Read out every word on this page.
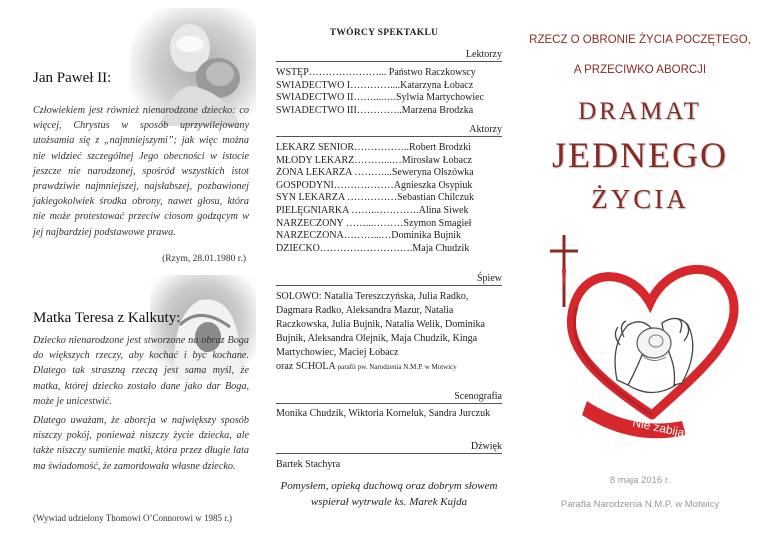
Jan Paweł II:
Człowiekiem jest również nienarodzone dziecko: co więcej, Chrystus w sposób uprzywilejowany utożsamia się z „najmniejszymi”; jak więc można nie widzieć szczególnej Jego obecności w istocie jeszcze nie narodzonej, spośród wszystkich istot prawdziwie najmniejszej, najsłabszej, pozbawionej jakiegokolwiek środka obrony, nawet głosu, która nie może protestować przeciw ciosom godzącym w jej najbardziej podstawowe prawa.
(Rzym, 28.01.1980 r.)
Matka Teresa z Kalkuty:
Dziecko nienarodzone jest stworzone na obraz Boga do większych rzeczy, aby kochać i być kochane. Dlatego tak straszną rzeczą jest sama myśl, że matka, której dziecko zostało dane jako dar Boga, może je unicestwić.
Dlatego uważam, że aborcja w największy sposób niszczy pokój, ponieważ niszczy życie dziecka, ale także niszczy sumienie matki, która przez długie lata ma świadomość, że zamordowała własne dziecko.
(Wywiad udzielony Thomowi O’Connorowi w 1985 r.)
TWÓRCY SPEKTAKLU
Lektorzy
WSTĘP…………………... Państwo Raczkowscy
ŚWIADECTWO I…………....Katarzyna Łobacz
ŚWIADECTWO II……....….Sylwia Martychowiec
ŚWIADECTWO III…………..Marzena Brodzka
Aktorzy
LEKARZ SENIOR……………..Robert Brodzki
MŁODY LEKARZ………...…Mirosław Łobacz
ŻONA LEKARZA ………...Seweryna Olszówka
GOSPODYNI………………Agnieszka Osypiuk
SYN LEKARZA ……………Sebastian Chilczuk
PIELĘGNIARKA ……..………….Alina Siwek
NARZECZONY ……...………Szymon Smagieł
NARZECZONA………...…Dominika Bujnik
DZIECKO……………………….Maja Chudzik
Śpiew
SOLOWO: Natalia Tereszczyńska, Julia Radko, Dagmara Radko, Aleksandra Mazur, Natalia Raczkowska, Julia Bujnik, Natalia Welik, Dominika Bujnik, Aleksandra Olejnik, Maja Chudzik, Kinga Martychowiec, Maciej Łobacz
oraz SCHOLA parafii pw. Narodzenia N.M.P. w Motwicy
Scenografia
Monika Chudzik, Wiktoria Korneluk, Sandra Jurczuk
Dźwięk
Bartek Stachyra
Pomysłem, opieką duchową oraz dobrym słowem wspierał wytrwale ks. Marek Kujda
RZECZ O OBRONIE ŻYCIA POCZĘTEGO,
A PRZECIWKO ABORCJI
DRAMAT
JEDNEGO
ŻYCIA
Nie zabijaj
8 maja 2016 r.
Parafia Narodzenia N.M.P. w Motwicy
